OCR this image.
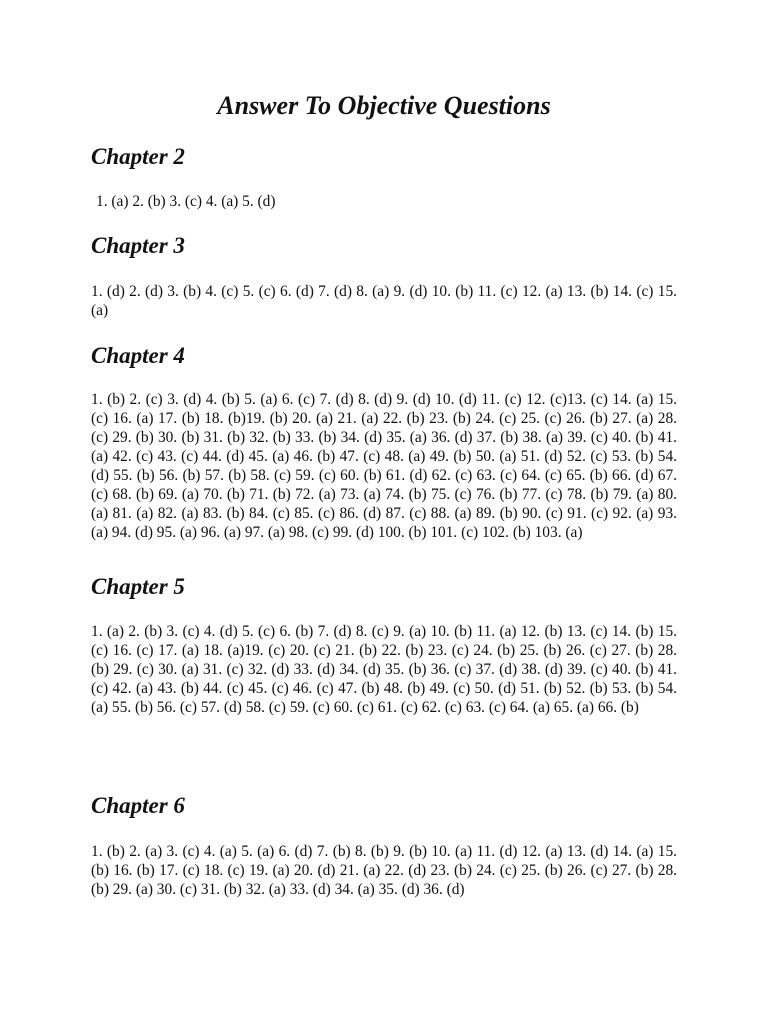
Answer To Objective Questions
Chapter 2

1. (a) 2. (b) 3. (c) 4. (a) 5. (d)

Chapter 3

1. (d) 2. (d) 3. (b) 4. (c) 5. (c) 6. (d) 7. (d) 8. (a) 9. (d) 10. (b) 11. (c) 12. (a) 13. (b) 14. (c) 15. (a)

Chapter 4

1. (b) 2. (c) 3. (d) 4. (b) 5. (a) 6. (c) 7. (d) 8. (d) 9. (d) 10. (d) 11. (c) 12. (c)13. (c) 14. (a) 15. (c) 16. (a) 17. (b) 18. (b)19. (b) 20. (a) 21. (a) 22. (b) 23. (b) 24. (c) 25. (c) 26. (b) 27. (a) 28. (c) 29. (b) 30. (b) 31. (b) 32. (b) 33. (b) 34. (d) 35. (a) 36. (d) 37. (b) 38. (a) 39. (c) 40. (b) 41. (a) 42. (c) 43. (c) 44. (d) 45. (a) 46. (b) 47. (c) 48. (a) 49. (b) 50. (a) 51. (d) 52. (c) 53. (b) 54. (d) 55. (b) 56. (b) 57. (b) 58. (c) 59. (c) 60. (b) 61. (d) 62. (c) 63. (c) 64. (c) 65. (b) 66. (d) 67. (c) 68. (b) 69. (a) 70. (b) 71. (b) 72. (a) 73. (a) 74. (b) 75. (c) 76. (b) 77. (c) 78. (b) 79. (a) 80. (a) 81. (a) 82. (a) 83. (b) 84. (c) 85. (c) 86. (d) 87. (c) 88. (a) 89. (b) 90. (c) 91. (c) 92. (a) 93. (a) 94. (d) 95. (a) 96. (a) 97. (a) 98. (c) 99. (d) 100. (b) 101. (c) 102. (b) 103. (a)

Chapter 5

1. (a) 2. (b) 3. (c) 4. (d) 5. (c) 6. (b) 7. (d) 8. (c) 9. (a) 10. (b) 11. (a) 12. (b) 13. (c) 14. (b) 15. (c) 16. (c) 17. (a) 18. (a)19. (c) 20. (c) 21. (b) 22. (b) 23. (c) 24. (b) 25. (b) 26. (c) 27. (b) 28. (b) 29. (c) 30. (a) 31. (c) 32. (d) 33. (d) 34. (d) 35. (b) 36. (c) 37. (d) 38. (d) 39. (c) 40. (b) 41. (c) 42. (a) 43. (b) 44. (c) 45. (c) 46. (c) 47. (b) 48. (b) 49. (c) 50. (d) 51. (b) 52. (b) 53. (b) 54. (a) 55. (b) 56. (c) 57. (d) 58. (c) 59. (c) 60. (c) 61. (c) 62. (c) 63. (c) 64. (a) 65. (a) 66. (b)

Chapter 6

1. (b) 2. (a) 3. (c) 4. (a) 5. (a) 6. (d) 7. (b) 8. (b) 9. (b) 10. (a) 11. (d) 12. (a) 13. (d) 14. (a) 15. (b) 16. (b) 17. (c) 18. (c) 19. (a) 20. (d) 21. (a) 22. (d) 23. (b) 24. (c) 25. (b) 26. (c) 27. (b) 28. (b) 29. (a) 30. (c) 31. (b) 32. (a) 33. (d) 34. (a) 35. (d) 36. (d)
